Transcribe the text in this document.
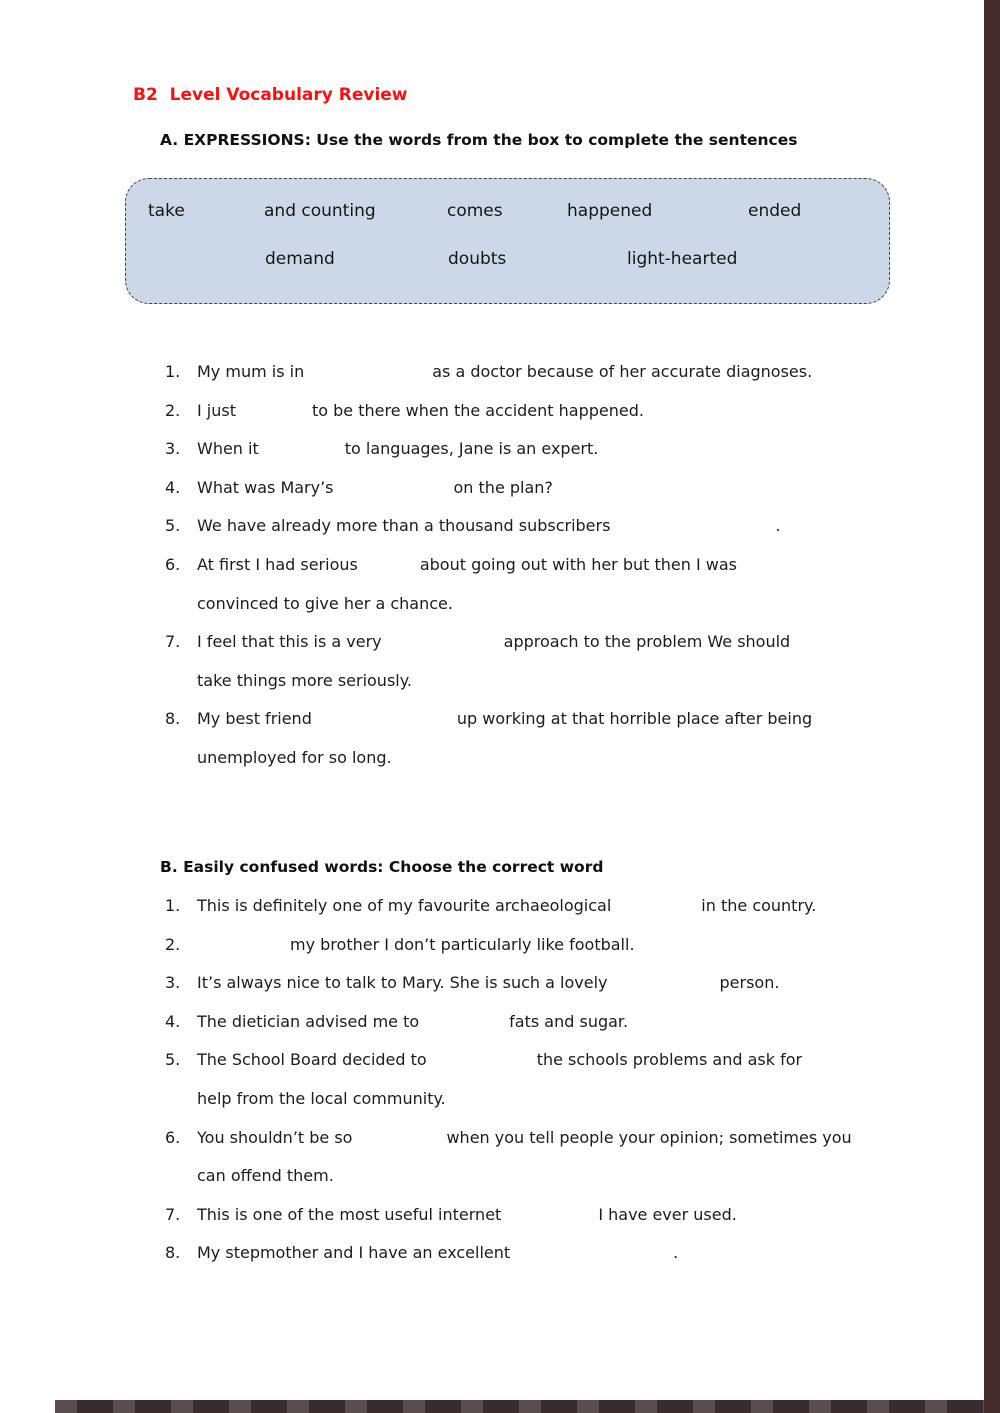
B2  Level Vocabulary Review
A. EXPRESSIONS: Use the words from the box to complete the sentences
take	and counting	comes	happened	ended
demand	doubts	light-hearted
1. My mum is in	as a doctor because of her accurate diagnoses.
2. I just	to be there when the accident happened.
3. When it	to languages, Jane is an expert.
4. What was Mary’s	on the plan?
5. We have already more than a thousand subscribers	.
6. At first I had serious	about going out with her but then I was
convinced to give her a chance.
7. I feel that this is a very	approach to the problem We should
take things more seriously.
8. My best friend	up working at that horrible place after being
unemployed for so long.
B. Easily confused words: Choose the correct word
1. This is definitely one of my favourite archaeological	in the country.
2.	my brother I don’t particularly like football.
3. It’s always nice to talk to Mary. She is such a lovely	person.
4. The dietician advised me to	fats and sugar.
5. The School Board decided to	the schools problems and ask for
help from the local community.
6. You shouldn’t be so	when you tell people your opinion; sometimes you
can offend them.
7. This is one of the most useful internet	I have ever used.
8. My stepmother and I have an excellent	.
